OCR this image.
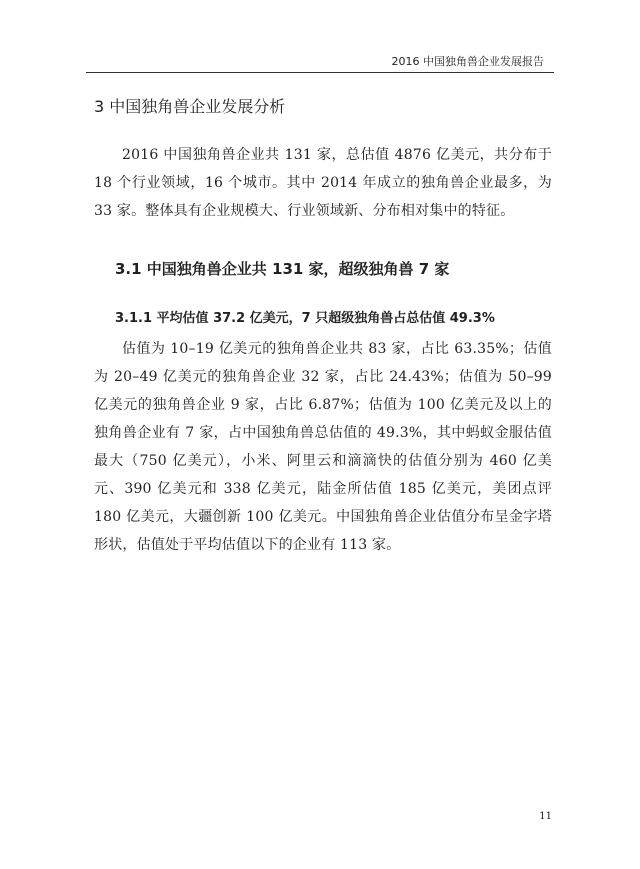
2016 中国独角兽企业发展报告
3 中国独角兽企业发展分析

2016 中国独角兽企业共 131 家，总估值 4876 亿美元，共分布于 18 个行业领域，16 个城市。其中 2014 年成立的独角兽企业最多，为 33 家。整体具有企业规模大、行业领域新、分布相对集中的特征。

3.1 中国独角兽企业共 131 家，超级独角兽 7 家
3.1.1 平均估值 37.2 亿美元，7 只超级独角兽占总估值 49.3%

估值为 10–19 亿美元的独角兽企业共 83 家，占比 63.35%；估值为 20–49 亿美元的独角兽企业 32 家，占比 24.43%；估值为 50–99 亿美元的独角兽企业 9 家，占比 6.87%；估值为 100 亿美元及以上的独角兽企业有 7 家，占中国独角兽总估值的 49.3%，其中蚂蚁金服估值最大（750 亿美元），小米、阿里云和滴滴快的估值分别为 460 亿美元、390 亿美元和 338 亿美元，陆金所估值 185 亿美元，美团点评 180 亿美元，大疆创新 100 亿美元。中国独角兽企业估值分布呈金字塔形状，估值处于平均估值以下的企业有 113 家。

11
